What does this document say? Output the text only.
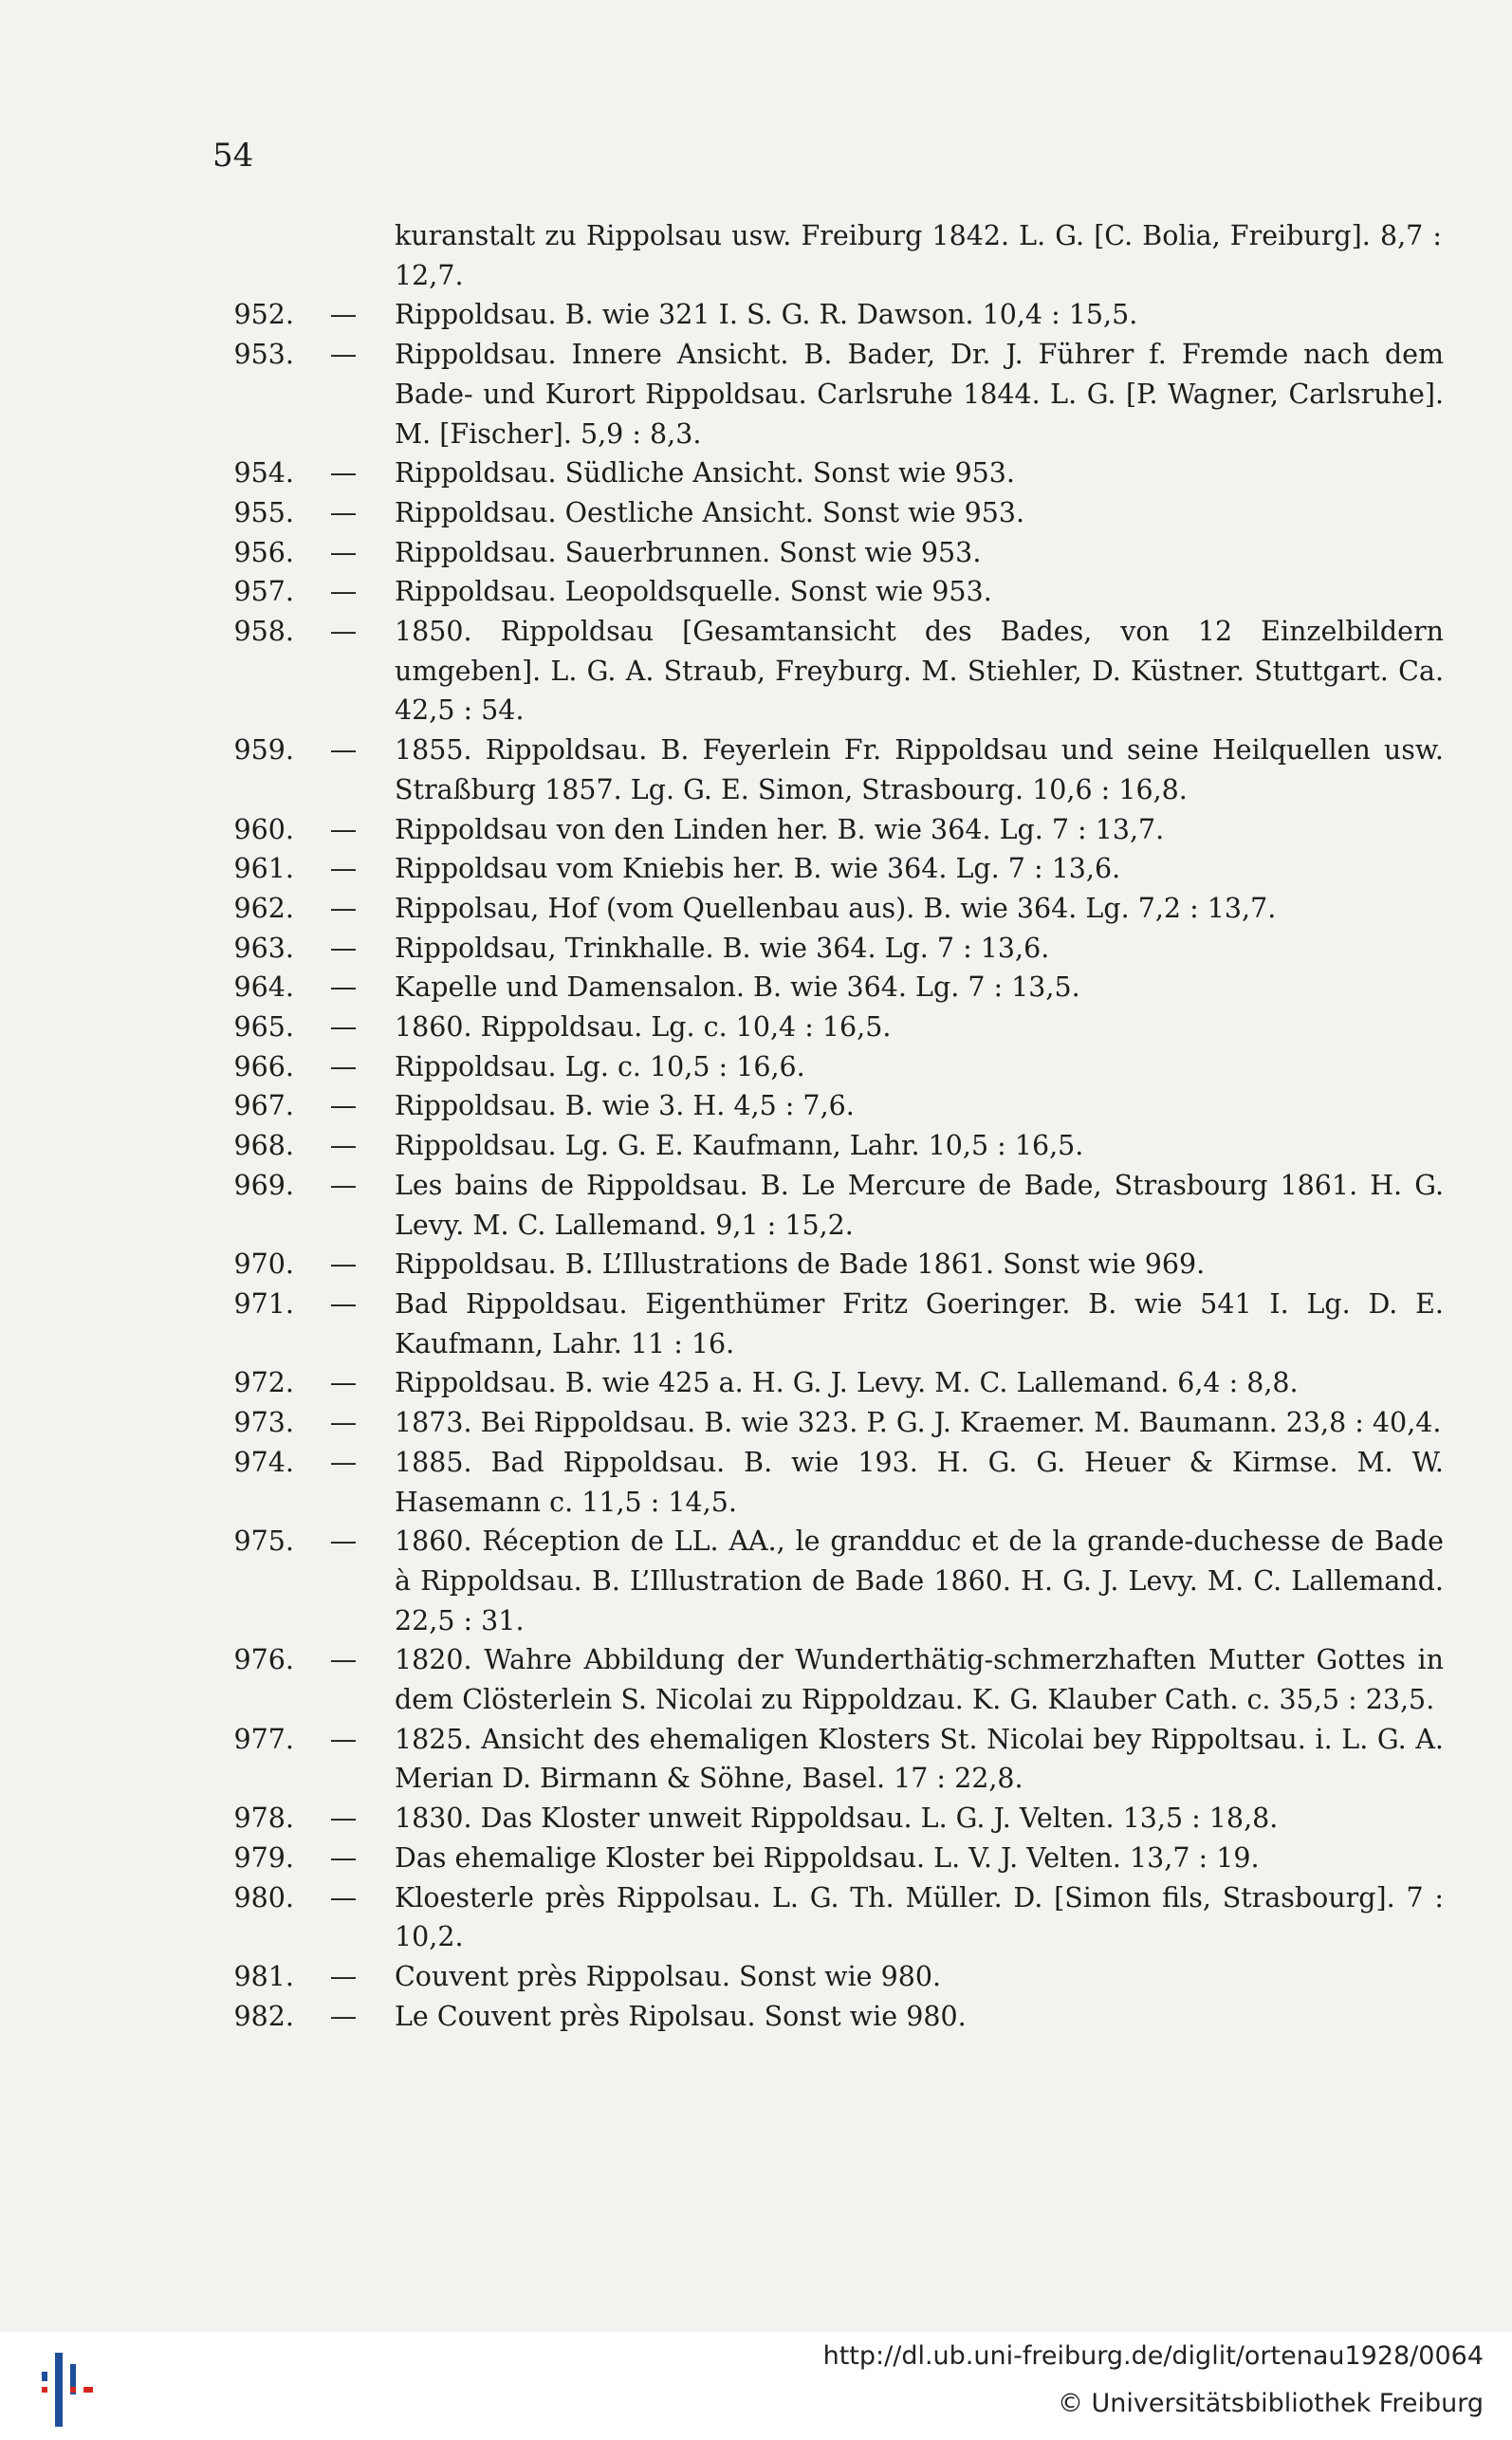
54
kuranstalt zu Rippolsau usw. Freiburg 1842. L. G. [C. Bolia, Freiburg]. 8,7 : 12,7.
952.	—	Rippoldsau. B. wie 321 I. S. G. R. Dawson. 10,4 : 15,5.
953.	—	Rippoldsau. Innere Ansicht. B. Bader, Dr. J. Führer f. Fremde nach dem Bade- und Kurort Rippoldsau. Carlsruhe 1844. L. G. [P. Wagner, Carlsruhe]. M. [Fischer]. 5,9 : 8,3.
954.	—	Rippoldsau. Südliche Ansicht. Sonst wie 953.
955.	—	Rippoldsau. Oestliche Ansicht. Sonst wie 953.
956.	—	Rippoldsau. Sauerbrunnen. Sonst wie 953.
957.	—	Rippoldsau. Leopoldsquelle. Sonst wie 953.
958.	—	1850. Rippoldsau [Gesamtansicht des Bades, von 12 Einzelbildern umgeben]. L. G. A. Straub, Freyburg. M. Stiehler, D. Küstner. Stuttgart. Ca. 42,5 : 54.
959.	—	1855. Rippoldsau. B. Feyerlein Fr. Rippoldsau und seine Heilquellen usw. Straßburg 1857. Lg. G. E. Simon, Strasbourg. 10,6 : 16,8.
960.	—	Rippoldsau von den Linden her. B. wie 364. Lg. 7 : 13,7.
961.	—	Rippoldsau vom Kniebis her. B. wie 364. Lg. 7 : 13,6.
962.	—	Rippolsau, Hof (vom Quellenbau aus). B. wie 364. Lg. 7,2 : 13,7.
963.	—	Rippoldsau, Trinkhalle. B. wie 364. Lg. 7 : 13,6.
964.	—	Kapelle und Damensalon. B. wie 364. Lg. 7 : 13,5.
965.	—	1860. Rippoldsau. Lg. c. 10,4 : 16,5.
966.	—	Rippoldsau. Lg. c. 10,5 : 16,6.
967.	—	Rippoldsau. B. wie 3. H. 4,5 : 7,6.
968.	—	Rippoldsau. Lg. G. E. Kaufmann, Lahr. 10,5 : 16,5.
969.	—	Les bains de Rippoldsau. B. Le Mercure de Bade, Strasbourg 1861. H. G. Levy. M. C. Lallemand. 9,1 : 15,2.
970.	—	Rippoldsau. B. L’Illustrations de Bade 1861. Sonst wie 969.
971.	—	Bad Rippoldsau. Eigenthümer Fritz Goeringer. B. wie 541 I. Lg. D. E. Kaufmann, Lahr. 11 : 16.
972.	—	Rippoldsau. B. wie 425 a. H. G. J. Levy. M. C. Lallemand. 6,4 : 8,8.
973.	—	1873. Bei Rippoldsau. B. wie 323. P. G. J. Kraemer. M. Baumann. 23,8 : 40,4.
974.	—	1885. Bad Rippoldsau. B. wie 193. H. G. G. Heuer & Kirmse. M. W. Hasemann c. 11,5 : 14,5.
975.	—	1860. Réception de LL. AA., le grandduc et de la grande-duchesse de Bade à Rippoldsau. B. L’Illustration de Bade 1860. H. G. J. Levy. M. C. Lallemand. 22,5 : 31.
976.	—	1820. Wahre Abbildung der Wunderthätig-schmerzhaften Mutter Gottes in dem Clösterlein S. Nicolai zu Rippoldzau. K. G. Klauber Cath. c. 35,5 : 23,5.
977.	—	1825. Ansicht des ehemaligen Klosters St. Nicolai bey Rippoltsau. i. L. G. A. Merian D. Birmann & Söhne, Basel. 17 : 22,8.
978.	—	1830. Das Kloster unweit Rippoldsau. L. G. J. Velten. 13,5 : 18,8.
979.	—	Das ehemalige Kloster bei Rippoldsau. L. V. J. Velten. 13,7 : 19.
980.	—	Kloesterle près Rippolsau. L. G. Th. Müller. D. [Simon fils, Strasbourg]. 7 : 10,2.
981.	—	Couvent près Rippolsau. Sonst wie 980.
982.	—	Le Couvent près Ripolsau. Sonst wie 980.
http://dl.ub.uni-freiburg.de/diglit/ortenau1928/0064
© Universitätsbibliothek Freiburg
